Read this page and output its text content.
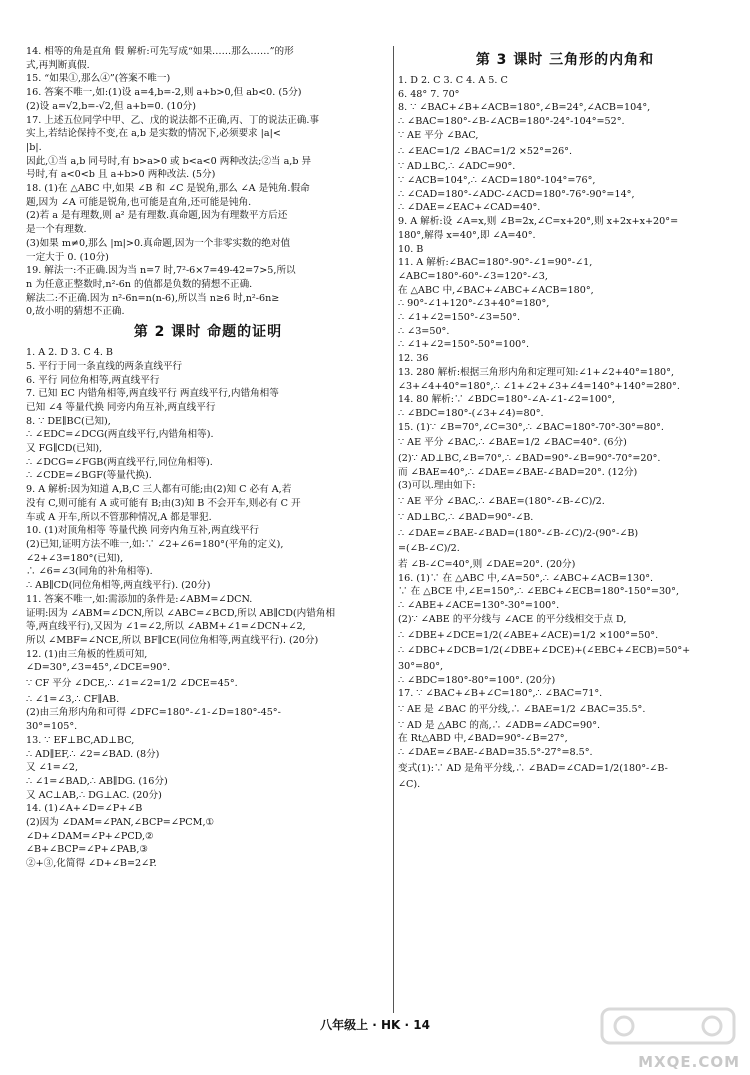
14. 相等的角是直角 假 解析:可先写成“如果……那么……”的形
式,再判断真假.
15. “如果①,那么④”(答案不唯一)
16. 答案不唯一,如:(1)设 a=4,b=-2,则 a+b>0,但 ab<0. (5分)
(2)设 a=√2,b=-√2,但 a+b=0. (10分)
17. 上述五位同学中甲、乙、戊的说法都不正确,丙、丁的说法正确.事
实上,若结论保持不变,在 a,b 是实数的情况下,必须要求 |a|<
|b|.
因此,①当 a,b 同号时,有 b>a>0 或 b<a<0 两种改法;②当 a,b 异
号时,有 a<0<b 且 a+b>0 两种改法. (5分)
18. (1)在 △ABC 中,如果 ∠B 和 ∠C 是锐角,那么 ∠A 是钝角.假命
题,因为 ∠A 可能是锐角,也可能是直角,还可能是钝角.
(2)若 a 是有理数,则 a² 是有理数.真命题,因为有理数平方后还
是一个有理数.
(3)如果 m≠0,那么 |m|>0.真命题,因为一个非零实数的绝对值
一定大于 0. (10分)
19. 解法一:不正确.因为当 n=7 时,7²-6×7=49-42=7>5,所以
n 为任意正整数时,n²-6n 的值都是负数的猜想不正确.
解法二:不正确.因为 n²-6n=n(n-6),所以当 n≥6 时,n²-6n≥
0,故小明的猜想不正确.
第 2 课时 命题的证明
1. A 2. D 3. C 4. B
5. 平行于同一条直线的两条直线平行
6. 平行 同位角相等,两直线平行
7. 已知 EC 内错角相等,两直线平行 两直线平行,内错角相等
已知 ∠4 等量代换 同旁内角互补,两直线平行
8. ∵ DE∥BC(已知),
∴ ∠EDC=∠DCG(两直线平行,内错角相等).
又 FG∥CD(已知),
∴ ∠DCG=∠FGB(两直线平行,同位角相等).
∴ ∠CDE=∠BGF(等量代换).
9. A 解析:因为知道 A,B,C 三人都有可能;由(2)知 C 必有 A,若
没有 C,则可能有 A 或可能有 B;由(3)知 B 不会开车,则必有 C 开
车或 A 开车,所以不管那种情况,A 都是罪犯.
10. (1)对顶角相等 等量代换 同旁内角互补,两直线平行
(2)已知,证明方法不唯一,如:∵ ∠2+∠6=180°(平角的定义),
∠2+∠3=180°(已知),
∴ ∠6=∠3(同角的补角相等).
∴ AB∥CD(同位角相等,两直线平行). (20分)
11. 答案不唯一,如:需添加的条件是:∠ABM=∠DCN.
证明:因为 ∠ABM=∠DCN,所以 ∠ABC=∠BCD,所以 AB∥CD(内错角相
等,两直线平行),又因为 ∠1=∠2,所以 ∠ABM+∠1=∠DCN+∠2,
所以 ∠MBF=∠NCE,所以 BF∥CE(同位角相等,两直线平行). (20分)
12. (1)由三角板的性质可知,
∠D=30°,∠3=45°,∠DCE=90°.
∵ CF 平分 ∠DCE,∴ ∠1=∠2=1/2 ∠DCE=45°.
∴ ∠1=∠3,∴ CF∥AB.
(2)由三角形内角和可得 ∠DFC=180°-∠1-∠D=180°-45°-
30°=105°.
13. ∵ EF⊥BC,AD⊥BC,
∴ AD∥EF,∴ ∠2=∠BAD. (8分)
又 ∠1=∠2,
∴ ∠1=∠BAD,∴ AB∥DG. (16分)
又 AC⊥AB,∴ DG⊥AC. (20分)
14. (1)∠A+∠D=∠P+∠B
(2)因为 ∠DAM=∠PAN,∠BCP=∠PCM,①
∠D+∠DAM=∠P+∠PCD,②
∠B+∠BCP=∠P+∠PAB,③
②+③,化简得 ∠D+∠B=2∠P.
第 3 课时 三角形的内角和
1. D 2. C 3. C 4. A 5. C
6. 48° 7. 70°
8. ∵ ∠BAC+∠B+∠ACB=180°,∠B=24°,∠ACB=104°,
∴ ∠BAC=180°-∠B-∠ACB=180°-24°-104°=52°.
∵ AE 平分 ∠BAC,
∴ ∠EAC=1/2 ∠BAC=1/2 ×52°=26°.
∵ AD⊥BC,∴ ∠ADC=90°.
∵ ∠ACB=104°,∴ ∠ACD=180°-104°=76°,
∴ ∠CAD=180°-∠ADC-∠ACD=180°-76°-90°=14°,
∴ ∠DAE=∠EAC+∠CAD=40°.
9. A 解析:设 ∠A=x,则 ∠B=2x,∠C=x+20°,则 x+2x+x+20°=
180°,解得 x=40°,即 ∠A=40°.
10. B
11. A 解析:∠BAC=180°-90°-∠1=90°-∠1,
∠ABC=180°-60°-∠3=120°-∠3,
在 △ABC 中,∠BAC+∠ABC+∠ACB=180°,
∴ 90°-∠1+120°-∠3+40°=180°,
∴ ∠1+∠2=150°-∠3=50°.
∴ ∠3=50°.
∴ ∠1+∠2=150°-50°=100°.
12. 36
13. 280 解析:根据三角形内角和定理可知:∠1+∠2+40°=180°,
∠3+∠4+40°=180°,∴ ∠1+∠2+∠3+∠4=140°+140°=280°.
14. 80 解析:∵ ∠BDC=180°-∠A-∠1-∠2=100°,
∴ ∠BDC=180°-(∠3+∠4)=80°.
15. (1)∵ ∠B=70°,∠C=30°,∴ ∠BAC=180°-70°-30°=80°.
∵ AE 平分 ∠BAC,∴ ∠BAE=1/2 ∠BAC=40°. (6分)
(2)∵ AD⊥BC,∠B=70°,∴ ∠BAD=90°-∠B=90°-70°=20°.
而 ∠BAE=40°,∴ ∠DAE=∠BAE-∠BAD=20°. (12分)
(3)可以.理由如下:
∵ AE 平分 ∠BAC,∴ ∠BAE=(180°-∠B-∠C)/2.
∵ AD⊥BC,∴ ∠BAD=90°-∠B.
∴ ∠DAE=∠BAE-∠BAD=(180°-∠B-∠C)/2-(90°-∠B)
=(∠B-∠C)/2.
若 ∠B-∠C=40°,则 ∠DAE=20°. (20分)
16. (1)∵ 在 △ABC 中,∠A=50°,∴ ∠ABC+∠ACB=130°.
∵ 在 △BCE 中,∠E=150°,∴ ∠EBC+∠ECB=180°-150°=30°,
∴ ∠ABE+∠ACE=130°-30°=100°.
(2)∵ ∠ABE 的平分线与 ∠ACE 的平分线相交于点 D,
∴ ∠DBE+∠DCE=1/2(∠ABE+∠ACE)=1/2 ×100°=50°.
∴ ∠DBC+∠DCB=1/2(∠DBE+∠DCE)+(∠EBC+∠ECB)=50°+
30°=80°,
∴ ∠BDC=180°-80°=100°. (20分)
17. ∵ ∠BAC+∠B+∠C=180°,∴ ∠BAC=71°.
∵ AE 是 ∠BAC 的平分线,∴ ∠BAE=1/2 ∠BAC=35.5°.
∵ AD 是 △ABC 的高,∴ ∠ADB=∠ADC=90°.
在 Rt△ABD 中,∠BAD=90°-∠B=27°,
∴ ∠DAE=∠BAE-∠BAD=35.5°-27°=8.5°.
变式(1):∵ AD 是角平分线,∴ ∠BAD=∠CAD=1/2(180°-∠B-
∠C).
八年级上 · HK · 14
MXQE.COM
